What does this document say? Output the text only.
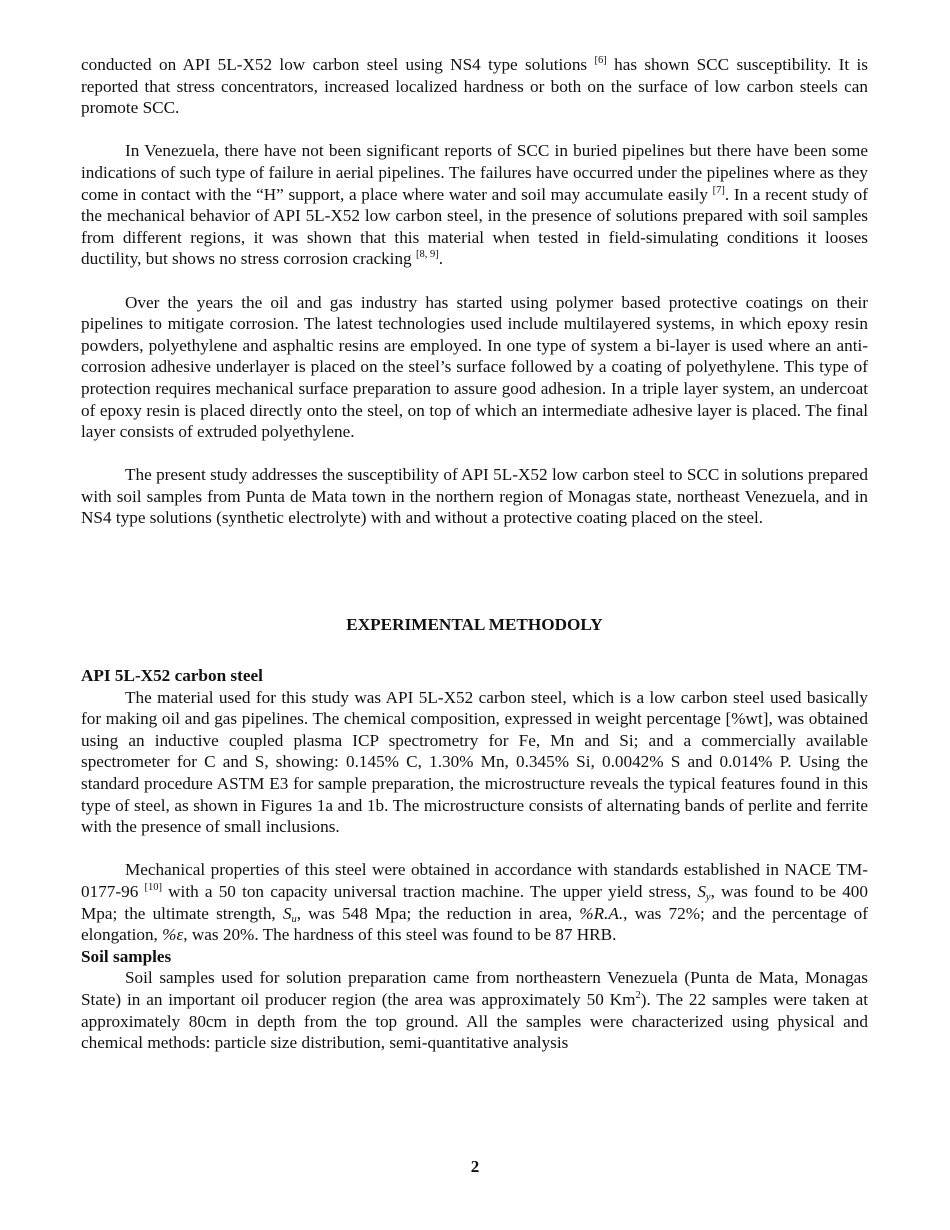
conducted on API 5L-X52 low carbon steel using NS4 type solutions [6] has shown SCC susceptibility. It is reported that stress concentrators, increased localized hardness or both on the surface of low carbon steels can promote SCC.

In Venezuela, there have not been significant reports of SCC in buried pipelines but there have been some indications of such type of failure in aerial pipelines. The failures have occurred under the pipelines where as they come in contact with the “H” support, a place where water and soil may accumulate easily [7]. In a recent study of the mechanical behavior of API 5L-X52 low carbon steel, in the presence of solutions prepared with soil samples from different regions, it was shown that this material when tested in field-simulating conditions it looses ductility, but shows no stress corrosion cracking [8, 9].

Over the years the oil and gas industry has started using polymer based protective coatings on their pipelines to mitigate corrosion. The latest technologies used include multilayered systems, in which epoxy resin powders, polyethylene and asphaltic resins are employed. In one type of system a bi-layer is used where an anti-corrosion adhesive underlayer is placed on the steel’s surface followed by a coating of polyethylene. This type of protection requires mechanical surface preparation to assure good adhesion. In a triple layer system, an undercoat of epoxy resin is placed directly onto the steel, on top of which an intermediate adhesive layer is placed. The final layer consists of extruded polyethylene.

The present study addresses the susceptibility of API 5L-X52 low carbon steel to SCC in solutions prepared with soil samples from Punta de Mata town in the northern region of Monagas state, northeast Venezuela, and in NS4 type solutions (synthetic electrolyte) with and without a protective coating placed on the steel.

EXPERIMENTAL METHODOLY
API 5L-X52 carbon steel

The material used for this study was API 5L-X52 carbon steel, which is a low carbon steel used basically for making oil and gas pipelines. The chemical composition, expressed in weight percentage [%wt], was obtained using an inductive coupled plasma ICP spectrometry for Fe, Mn and Si; and a commercially available spectrometer for C and S, showing: 0.145% C, 1.30% Mn, 0.345% Si, 0.0042% S and 0.014% P. Using the standard procedure ASTM E3 for sample preparation, the microstructure reveals the typical features found in this type of steel, as shown in Figures 1a and 1b. The microstructure consists of alternating bands of perlite and ferrite with the presence of small inclusions.

Mechanical properties of this steel were obtained in accordance with standards established in NACE TM-0177-96 [10] with a 50 ton capacity universal traction machine. The upper yield stress, $S_y$, was found to be 400 Mpa; the ultimate strength, $S_u$, was 548 Mpa; the reduction in area, %R.A., was 72%; and the percentage of elongation, %ε, was 20%. The hardness of this steel was found to be 87 HRB.

Soil samples

Soil samples used for solution preparation came from northeastern Venezuela (Punta de Mata, Monagas State) in an important oil producer region (the area was approximately 50 Km$^2$). The 22 samples were taken at approximately 80cm in depth from the top ground. All the samples were characterized using physical and chemical methods: particle size distribution, semi-quantitative analysis

2
